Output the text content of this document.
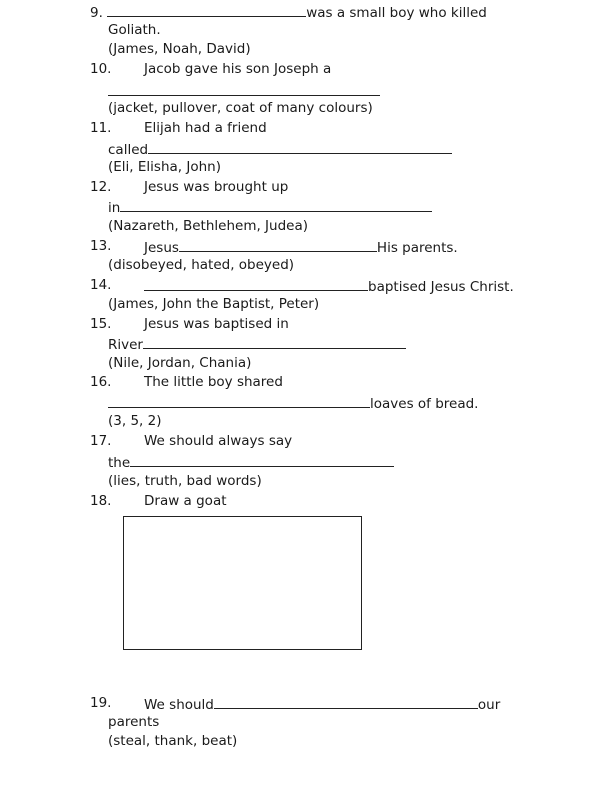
9.	was a small boy who killed
Goliath.
(James, Noah, David)
10. Jacob gave his son Joseph a
(jacket, pullover, coat of many colours)
11. Elijah had a friend
called
(Eli, Elisha, John)
12. Jesus was brought up
in
(Nazareth, Bethlehem, Judea)
13. Jesus	His parents.
(disobeyed, hated, obeyed)
14.	baptised Jesus Christ.
(James, John the Baptist, Peter)
15. Jesus was baptised in
River
(Nile, Jordan, Chania)
16. The little boy shared
loaves of bread.
(3, 5, 2)
17. We should always say
the
(lies, truth, bad words)
18. Draw a goat
19. We should	our
parents
(steal, thank, beat)
